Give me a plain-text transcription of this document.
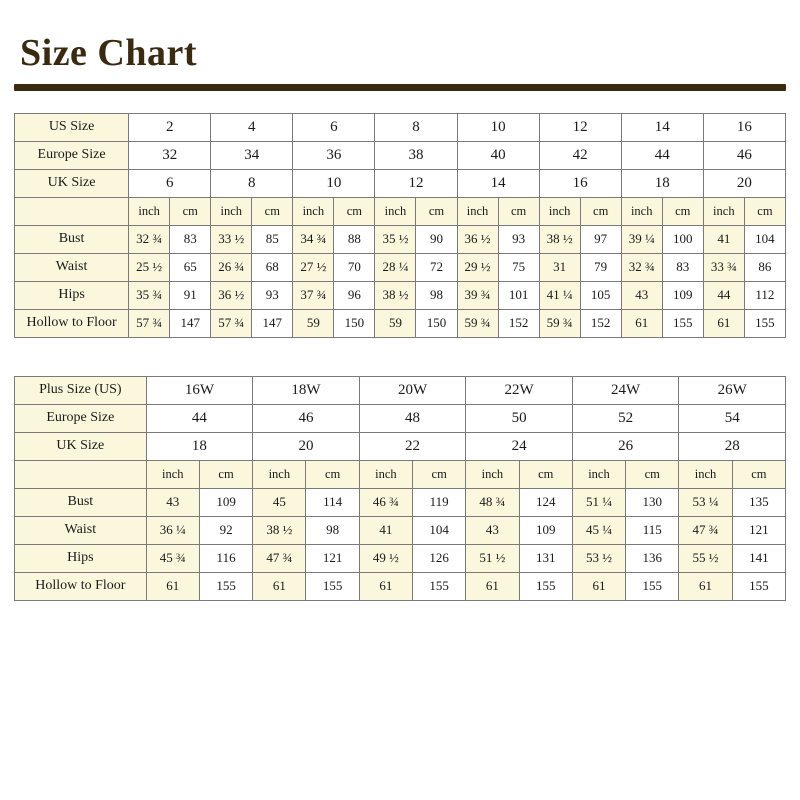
Size Chart
US Size	2		4		6		8		10		12		14		16	
Europe Size	32		34		36		38		40		42		44		46	
UK Size	6		8		10		12		14		16		18		20	
	inch	cm	inch	cm	inch	cm	inch	cm	inch	cm	inch	cm	inch	cm	inch	cm
Bust	32 ¾	83	33 ½	85	34 ¾	88	35 ½	90	36 ½	93	38 ½	97	39 ¼	100	41	104
Waist	25 ½	65	26 ¾	68	27 ½	70	28 ¼	72	29 ½	75	31	79	32 ¾	83	33 ¾	86
Hips	35 ¾	91	36 ½	93	37 ¾	96	38 ½	98	39 ¾	101	41 ¼	105	43	109	44	112
Hollow to Floor	57 ¾	147	57 ¾	147	59	150	59	150	59 ¾	152	59 ¾	152	61	155	61	155
Plus Size (US)	16W		18W		20W		22W		24W		26W	
Europe Size	44		46		48		50		52		54	
UK Size	18		20		22		24		26		28	
	inch	cm	inch	cm	inch	cm	inch	cm	inch	cm	inch	cm
Bust	43	109	45	114	46 ¾	119	48 ¾	124	51 ¼	130	53 ¼	135
Waist	36 ¼	92	38 ½	98	41	104	43	109	45 ¼	115	47 ¾	121
Hips	45 ¾	116	47 ¾	121	49 ½	126	51 ½	131	53 ½	136	55 ½	141
Hollow to Floor	61	155	61	155	61	155	61	155	61	155	61	155
